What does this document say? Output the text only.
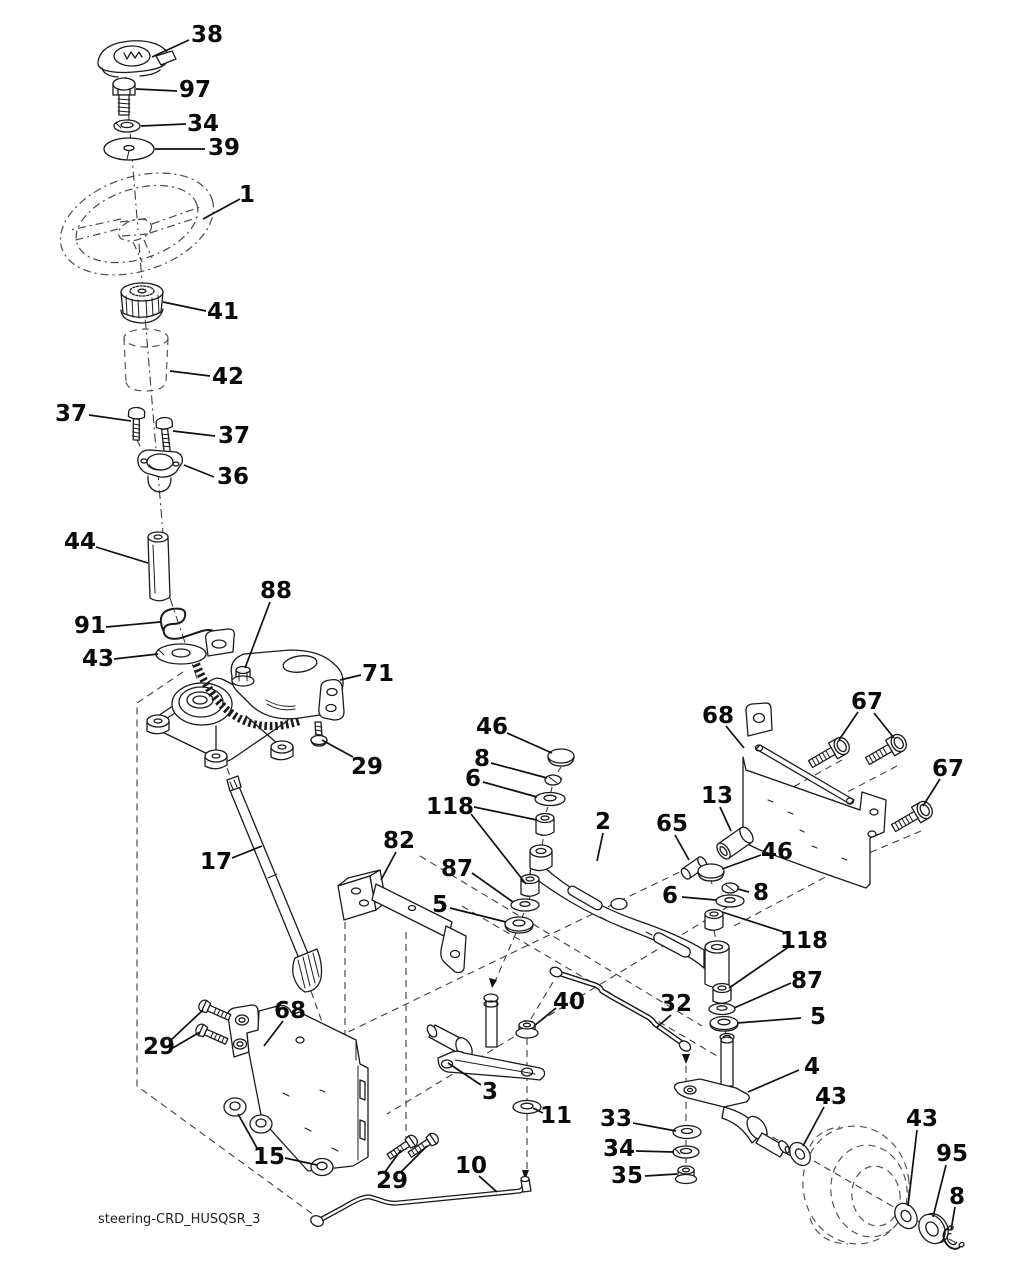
38
97
34
39
1
41
42
37
37
36
44
88
91
43
71
29
17
82
46
8
6
118
2
87
5
13
65
46
8
6
118
87
5
68
67
67
4
43
43
95
8
68
29
15
29
3
40	32
11 33
34
35
10
steering-CRD_HUSQSR_3
